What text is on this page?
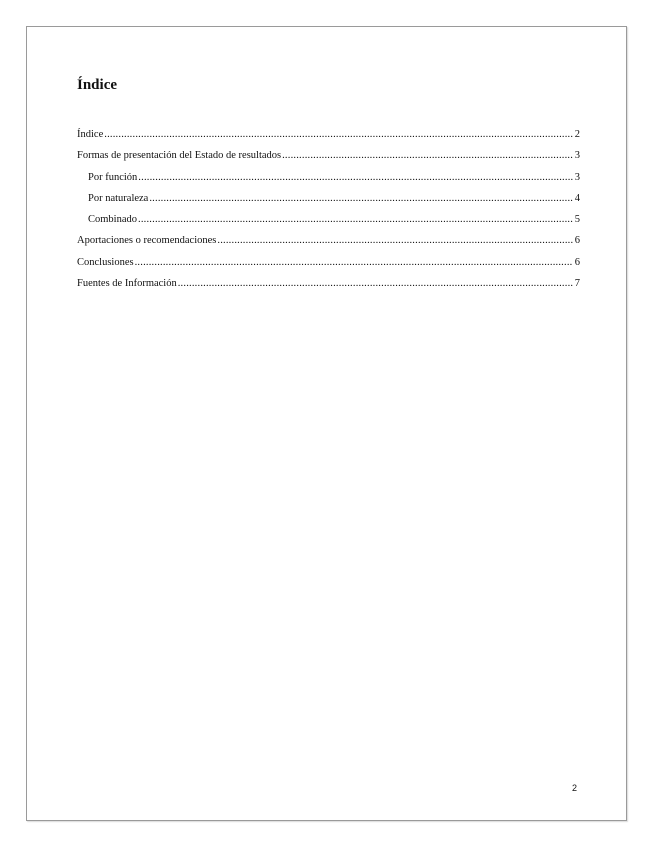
Índice
Índice .....	2
Formas de presentación del Estado de resultados .....	3
Por función .....	3
Por naturaleza .....	4
Combinado .....	5
Aportaciones o recomendaciones .....	6
Conclusiones .....	6
Fuentes de Información .....	7
2
